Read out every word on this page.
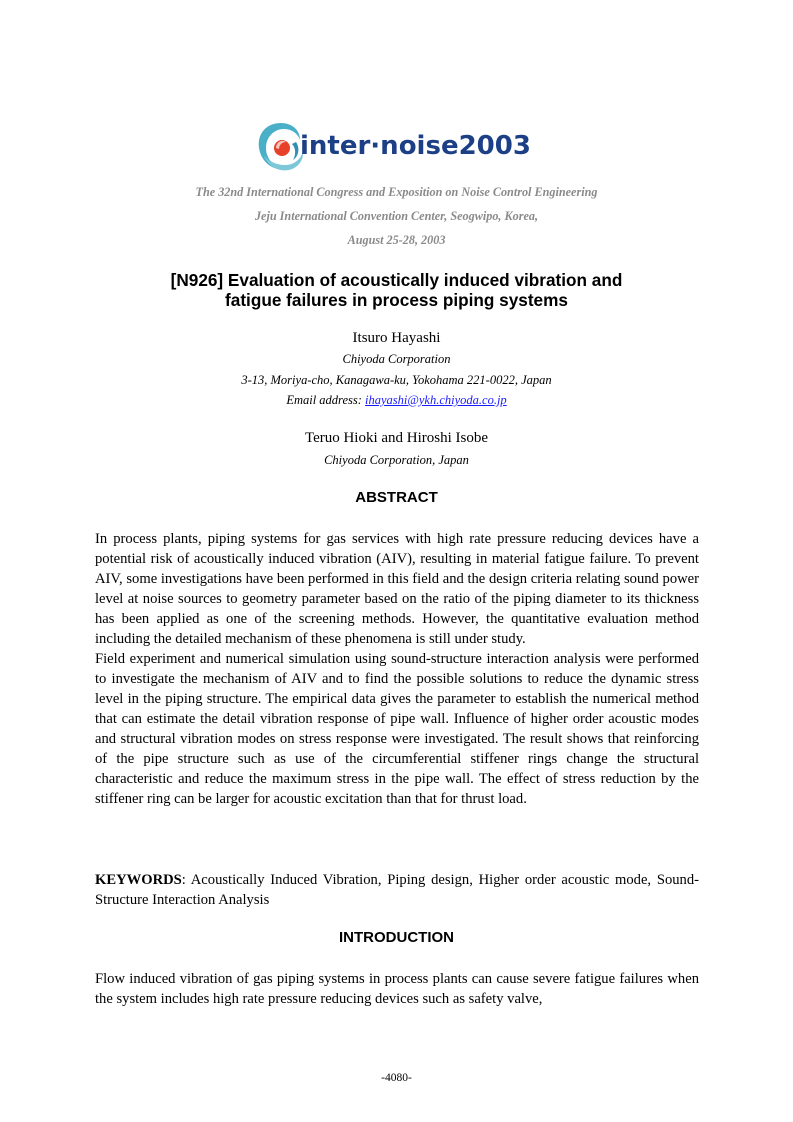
inter·noise2003
The 32nd International Congress and Exposition on Noise Control Engineering
Jeju International Convention Center, Seogwipo, Korea,
August 25-28, 2003
[N926] Evaluation of acoustically induced vibration and
fatigue failures in process piping systems
Itsuro Hayashi
Chiyoda Corporation
3-13, Moriya-cho, Kanagawa-ku, Yokohama 221-0022, Japan
Email address: ihayashi@ykh.chiyoda.co.jp
Teruo Hioki and Hiroshi Isobe
Chiyoda Corporation, Japan
ABSTRACT

In process plants, piping systems for gas services with high rate pressure reducing devices have a potential risk of acoustically induced vibration (AIV), resulting in material fatigue failure. To prevent AIV, some investigations have been performed in this field and the design criteria relating sound power level at noise sources to geometry parameter based on the ratio of the piping diameter to its thickness has been applied as one of the screening methods. However, the quantitative evaluation method including the detailed mechanism of these phenomena is still under study.

Field experiment and numerical simulation using sound-structure interaction analysis were performed to investigate the mechanism of AIV and to find the possible solutions to reduce the dynamic stress level in the piping structure. The empirical data gives the parameter to establish the numerical method that can estimate the detail vibration response of pipe wall. Influence of higher order acoustic modes and structural vibration modes on stress response were investigated. The result shows that reinforcing of the pipe structure such as use of the circumferential stiffener rings change the structural characteristic and reduce the maximum stress in the pipe wall. The effect of stress reduction by the stiffener ring can be larger for acoustic excitation than that for thrust load.

KEYWORDS: Acoustically Induced Vibration, Piping design, Higher order acoustic mode, Sound-Structure Interaction Analysis
INTRODUCTION

Flow induced vibration of gas piping systems in process plants can cause severe fatigue failures when the system includes high rate pressure reducing devices such as safety valve,

-4080-
